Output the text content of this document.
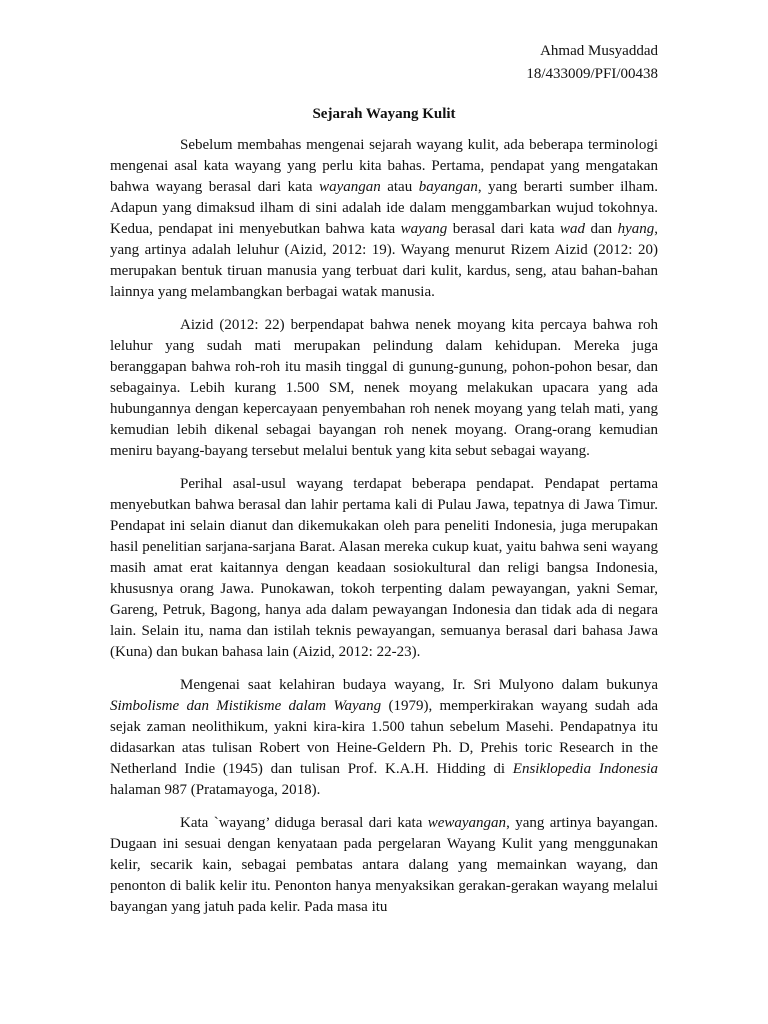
Ahmad Musyaddad
18/433009/PFI/00438
Sejarah Wayang Kulit

Sebelum membahas mengenai sejarah wayang kulit, ada beberapa terminologi mengenai asal kata wayang yang perlu kita bahas. Pertama, pendapat yang mengatakan bahwa wayang berasal dari kata wayangan atau bayangan, yang berarti sumber ilham. Adapun yang dimaksud ilham di sini adalah ide dalam menggambarkan wujud tokohnya. Kedua, pendapat ini menyebutkan bahwa kata wayang berasal dari kata wad dan hyang, yang artinya adalah leluhur (Aizid, 2012: 19). Wayang menurut Rizem Aizid (2012: 20) merupakan bentuk tiruan manusia yang terbuat dari kulit, kardus, seng, atau bahan-bahan lainnya yang melambangkan berbagai watak manusia.

Aizid (2012: 22) berpendapat bahwa nenek moyang kita percaya bahwa roh leluhur yang sudah mati merupakan pelindung dalam kehidupan. Mereka juga beranggapan bahwa roh-roh itu masih tinggal di gunung-gunung, pohon-pohon besar, dan sebagainya. Lebih kurang 1.500 SM, nenek moyang melakukan upacara yang ada hubungannya dengan kepercayaan penyembahan roh nenek moyang yang telah mati, yang kemudian lebih dikenal sebagai bayangan roh nenek moyang. Orang-orang kemudian meniru bayang-bayang tersebut melalui bentuk yang kita sebut sebagai wayang.

Perihal asal-usul wayang terdapat beberapa pendapat. Pendapat pertama menyebutkan bahwa berasal dan lahir pertama kali di Pulau Jawa, tepatnya di Jawa Timur. Pendapat ini selain dianut dan dikemukakan oleh para peneliti Indonesia, juga merupakan hasil penelitian sarjana-sarjana Barat. Alasan mereka cukup kuat, yaitu bahwa seni wayang masih amat erat kaitannya dengan keadaan sosiokultural dan religi bangsa Indonesia, khususnya orang Jawa. Punokawan, tokoh terpenting dalam pewayangan, yakni Semar, Gareng, Petruk, Bagong, hanya ada dalam pewayangan Indonesia dan tidak ada di negara lain. Selain itu, nama dan istilah teknis pewayangan, semuanya berasal dari bahasa Jawa (Kuna) dan bukan bahasa lain (Aizid, 2012: 22-23).

Mengenai saat kelahiran budaya wayang, Ir. Sri Mulyono dalam bukunya Simbolisme dan Mistikisme dalam Wayang (1979), memperkirakan wayang sudah ada sejak zaman neolithikum, yakni kira-kira 1.500 tahun sebelum Masehi. Pendapatnya itu didasarkan atas tulisan Robert von Heine-Geldern Ph. D, Prehis toric Research in the Netherland Indie (1945) dan tulisan Prof. K.A.H. Hidding di Ensiklopedia Indonesia halaman 987 (Pratamayoga, 2018).

Kata `wayang’ diduga berasal dari kata wewayangan, yang artinya bayangan. Dugaan ini sesuai dengan kenyataan pada pergelaran Wayang Kulit yang menggunakan kelir, secarik kain, sebagai pembatas antara dalang yang memainkan wayang, dan penonton di balik kelir itu. Penonton hanya menyaksikan gerakan-gerakan wayang melalui bayangan yang jatuh pada kelir. Pada masa itu
